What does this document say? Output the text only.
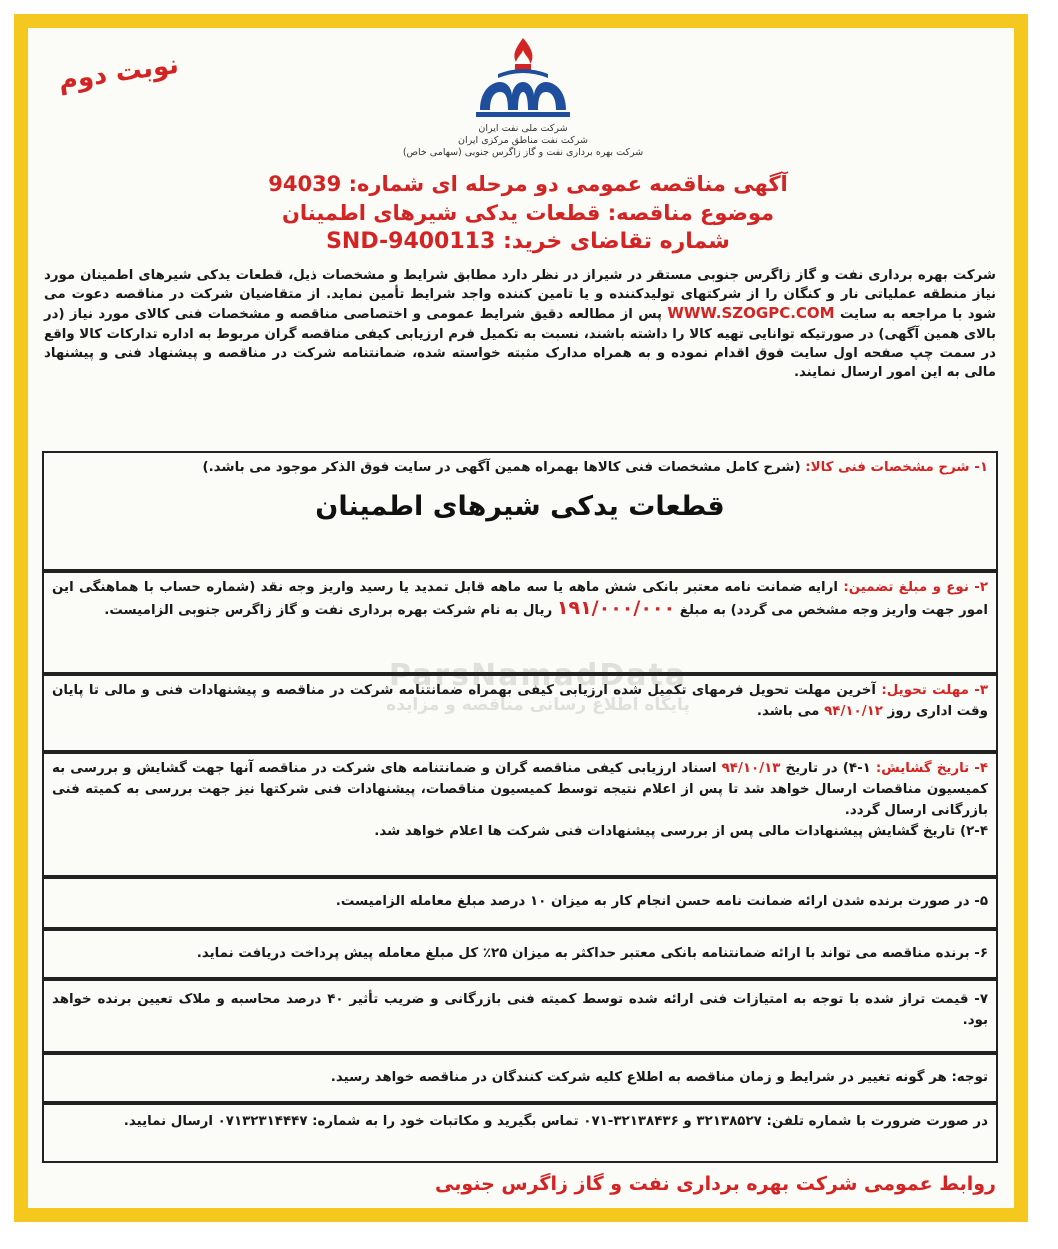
ParsNamadData
پایگاه اطلاع رسانی مناقصه و مزایده
نوبت دوم
شرکت ملی نفت ایران
شرکت نفت مناطق مرکزی ایران
شرکت بهره برداری نفت و گاز زاگرس جنوبی (سهامی خاص)
آگهی مناقصه عمومی دو مرحله ای شماره: 94039
موضوع مناقصه: قطعات یدکی شیرهای اطمینان
شماره تقاضای خرید: SND-9400113
شرکت بهره برداری نفت و گاز زاگرس جنوبی مستقر در شیراز در نظر دارد مطابق شرایط و مشخصات ذیل، قطعات یدکی شیرهای اطمینان مورد نیاز منطقه عملیاتی نار و کنگان را از شرکتهای تولیدکننده و یا تامین کننده واجد شرایط تأمین نماید. از متقاضیان شرکت در مناقصه دعوت می شود با مراجعه به سایت WWW.SZOGPC.COM پس از مطالعه دقیق شرایط عمومی و اختصاصی مناقصه و مشخصات فنی کالای مورد نیاز (در بالای همین آگهی) در صورتیکه توانایی تهیه کالا را داشته باشند، نسبت به تکمیل فرم ارزیابی کیفی مناقصه گران مربوط به اداره تدارکات کالا واقع در سمت چپ صفحه اول سایت فوق اقدام نموده و به همراه مدارک مثبته خواسته شده، ضمانتنامه شرکت در مناقصه و پیشنهاد فنی و پیشنهاد مالی به این امور ارسال نمایند.
۱- شرح مشخصات فنی کالا: (شرح کامل مشخصات فنی کالاها بهمراه همین آگهی در سایت فوق الذکر موجود می باشد.)
قطعات یدکی شیرهای اطمینان
۲- نوع و مبلغ تضمین: ارایه ضمانت نامه معتبر بانکی شش ماهه یا سه ماهه قابل تمدید یا رسید واریز وجه نقد (شماره حساب با هماهنگی این امور جهت واریز وجه مشخص می گردد) به مبلغ ۱۹۱/۰۰۰/۰۰۰ ریال به نام شرکت بهره برداری نفت و گاز زاگرس جنوبی الزامیست.
۳- مهلت تحویل: آخرین مهلت تحویل فرمهای تکمیل شده ارزیابی کیفی بهمراه ضمانتنامه شرکت در مناقصه و پیشنهادات فنی و مالی تا پایان وقت اداری روز ۹۴/۱۰/۱۲ می باشد.
۴- تاریخ گشایش: ۱-۴) در تاریخ ۹۴/۱۰/۱۳ اسناد ارزیابی کیفی مناقصه گران و ضمانتنامه های شرکت در مناقصه آنها جهت گشایش و بررسی به کمیسیون مناقصات ارسال خواهد شد تا پس از اعلام نتیجه توسط کمیسیون مناقصات، پیشنهادات فنی شرکتها نیز جهت بررسی به کمیته فنی بازرگانی ارسال گردد.
۲-۴) تاریخ گشایش پیشنهادات مالی پس از بررسی پیشنهادات فنی شرکت ها اعلام خواهد شد.
۵- در صورت برنده شدن ارائه ضمانت نامه حسن انجام کار به میزان ۱۰ درصد مبلغ معامله الزامیست.
۶- برنده مناقصه می تواند با ارائه ضمانتنامه بانکی معتبر حداکثر به میزان ۲۵٪ کل مبلغ معامله پیش پرداخت دریافت نماید.
۷- قیمت تراز شده با توجه به امتیازات فنی ارائه شده توسط کمیته فنی بازرگانی و ضریب تأثیر ۴۰ درصد محاسبه و ملاک تعیین برنده خواهد بود.
توجه: هر گونه تغییر در شرایط و زمان مناقصه به اطلاع کلیه شرکت کنندگان در مناقصه خواهد رسید.
در صورت ضرورت با شماره تلفن: ۳۲۱۳۸۵۲۷ و ۳۲۱۳۸۴۳۶-۰۷۱ تماس بگیرید و مکاتبات خود را به شماره: ۰۷۱۳۲۳۱۴۴۴۷ ارسال نمایید.
روابط عمومی شرکت بهره برداری نفت و گاز زاگرس جنوبی
